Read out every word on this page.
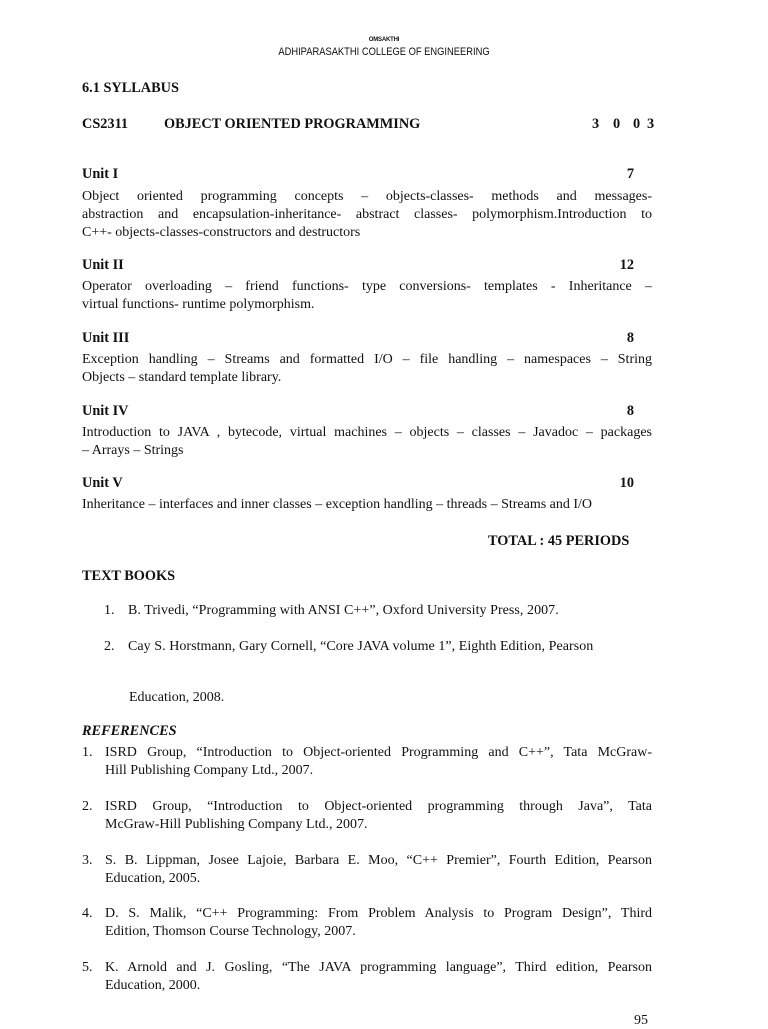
OMSAKTHI
ADHIPARASAKTHI COLLEGE OF ENGINEERING
6.1 SYLLABUS
CS2311	OBJECT ORIENTED PROGRAMMING	3 0 0 3
Unit I	7
Object oriented programming concepts – objects-classes- methods and messages-
abstraction and encapsulation-inheritance- abstract classes- polymorphism.Introduction to
C++- objects-classes-constructors and destructors
Unit II	12
Operator overloading – friend functions- type conversions- templates - Inheritance –
virtual functions- runtime polymorphism.
Unit III	8
Exception handling – Streams and formatted I/O – file handling – namespaces – String
Objects – standard template library.
Unit IV	8
Introduction to JAVA , bytecode, virtual machines – objects – classes – Javadoc – packages
– Arrays – Strings
Unit V	10
Inheritance – interfaces and inner classes – exception handling – threads – Streams and I/O
TOTAL : 45 PERIODS
TEXT BOOKS
1. B. Trivedi, “Programming with ANSI C++”, Oxford University Press, 2007.
2. Cay S. Horstmann, Gary Cornell, “Core JAVA volume 1”, Eighth Edition, Pearson
Education, 2008.
REFERENCES
1. ISRD Group, “Introduction to Object-oriented Programming and C++”, Tata McGraw-
Hill Publishing Company Ltd., 2007.
2. ISRD Group, “Introduction to Object-oriented programming through Java”, Tata
McGraw-Hill Publishing Company Ltd., 2007.
3. S. B. Lippman, Josee Lajoie, Barbara E. Moo, “C++ Premier”, Fourth Edition, Pearson
Education, 2005.
4. D. S. Malik, “C++ Programming: From Problem Analysis to Program Design”, Third
Edition, Thomson Course Technology, 2007.
5. K. Arnold and J. Gosling, “The JAVA programming language”, Third edition, Pearson
Education, 2000.
95
